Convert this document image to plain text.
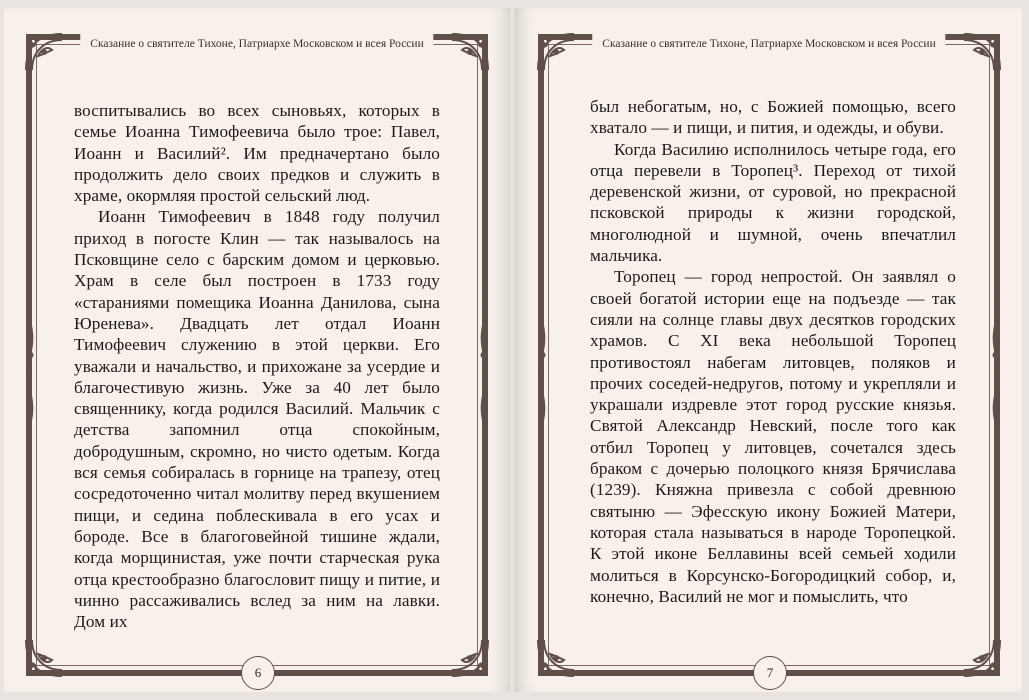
Сказание о святителе Тихоне, Патриархе Московском и всея России
6

воспитывались во всех сыновьях, которых в семье Иоанна Тимофеевича было трое: Павел, Иоанн и Василий². Им предначертано было продолжить дело своих предков и служить в храме, окормляя простой сельский люд.

Иоанн Тимофеевич в 1848 году получил приход в погосте Клин — так называлось на Псковщине село с барским домом и церковью. Храм в селе был построен в 1733 году «стараниями помещика Иоанна Данилова, сына Юренева». Двадцать лет отдал Иоанн Тимофеевич служению в этой церкви. Его уважали и начальство, и прихожане за усердие и благочестивую жизнь. Уже за 40 лет было священнику, когда родился Василий. Мальчик с детства запомнил отца спокойным, добродушным, скромно, но чисто одетым. Когда вся семья собиралась в горнице на трапезу, отец сосредоточенно читал молитву перед вкушением пищи, и седина поблескивала в его усах и бороде. Все в благоговейной тишине ждали, когда морщинистая, уже почти старческая рука отца крестообразно благословит пищу и питие, и чинно рассаживались вслед за ним на лавки. Дом их

Сказание о святителе Тихоне, Патриархе Московском и всея России
7

был небогатым, но, с Божией помощью, всего хватало — и пищи, и пития, и одежды, и обуви.

Когда Василию исполнилось четыре года, его отца перевели в Торопец³. Переход от тихой деревенской жизни, от суровой, но прекрасной псковской природы к жизни городской, многолюдной и шумной, очень впечатлил мальчика.

Торопец — город непростой. Он заявлял о своей богатой истории еще на подъезде — так сияли на солнце главы двух десятков городских храмов. С XI века небольшой Торопец противостоял набегам литовцев, поляков и прочих соседей-недругов, потому и укрепляли и украшали издревле этот город русские князья. Святой Александр Невский, после того как отбил Торопец у литовцев, сочетался здесь браком с дочерью полоцкого князя Брячислава (1239). Княжна привезла с собой древнюю святыню — Эфесскую икону Божией Матери, которая стала называться в народе Торопецкой. К этой иконе Беллавины всей семьей ходили молиться в Корсунско-Богородицкий собор, и, конечно, Василий не мог и помыслить, что
